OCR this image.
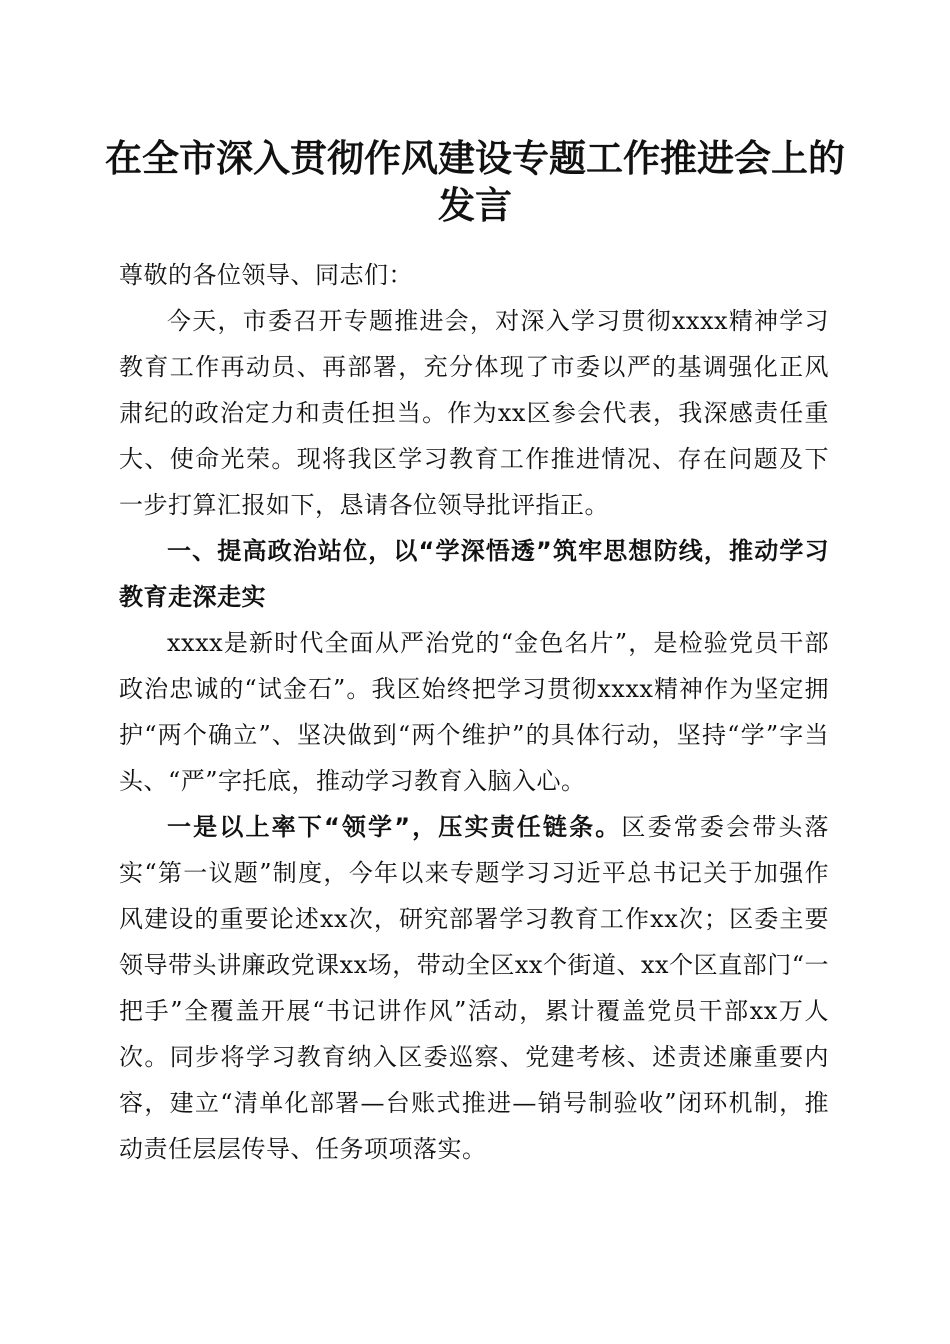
在全市深入贯彻作风建设专题工作推进会上的
发言

尊敬的各位领导、同志们：

今天，市委召开专题推进会，对深入学习贯彻xxxx精神学习教育工作再动员、再部署，充分体现了市委以严的基调强化正风肃纪的政治定力和责任担当。作为xx区参会代表，我深感责任重大、使命光荣。现将我区学习教育工作推进情况、存在问题及下一步打算汇报如下，恳请各位领导批评指正。

一、提高政治站位，以“学深悟透”筑牢思想防线，推动学习教育走深走实

xxxx是新时代全面从严治党的“金色名片”，是检验党员干部政治忠诚的“试金石”。我区始终把学习贯彻xxxx精神作为坚定拥护“两个确立”、坚决做到“两个维护”的具体行动，坚持“学”字当头、“严”字托底，推动学习教育入脑入心。

一是以上率下“领学”，压实责任链条。区委常委会带头落实“第一议题”制度，今年以来专题学习习近平总书记关于加强作风建设的重要论述xx次，研究部署学习教育工作xx次；区委主要领导带头讲廉政党课xx场，带动全区xx个街道、xx个区直部门“一把手”全覆盖开展“书记讲作风”活动，累计覆盖党员干部xx万人次。同步将学习教育纳入区委巡察、党建考核、述责述廉重要内容，建立“清单化部署—台账式推进—销号制验收”闭环机制，推动责任层层传导、任务项项落实。
